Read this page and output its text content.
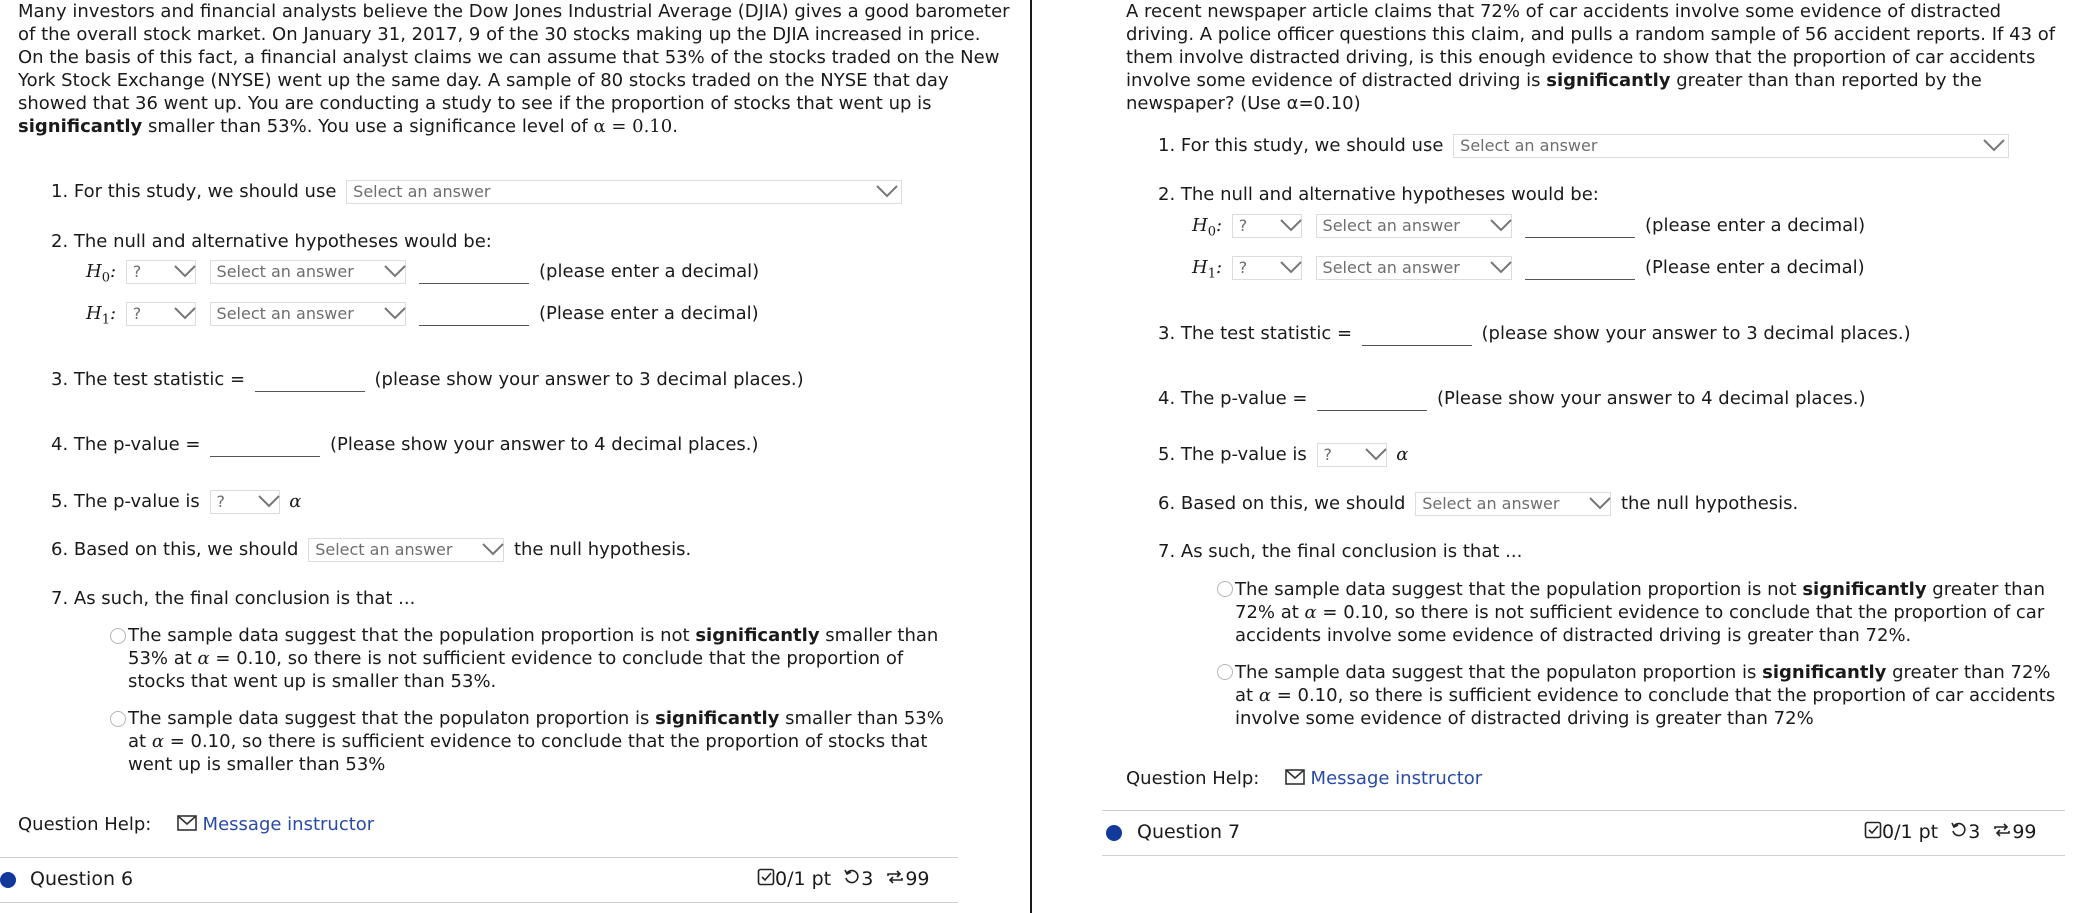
Many investors and financial analysts believe the Dow Jones Industrial Average (DJIA) gives a good barometer of the overall stock market. On January 31, 2017, 9 of the 30 stocks making up the DJIA increased in price.
On the basis of this fact, a financial analyst claims we can assume that 53% of the stocks traded on the New York Stock Exchange (NYSE) went up the same day. A sample of 80 stocks traded on the NYSE that day showed that 36 went up. You are conducting a study to see if the proportion of stocks that went up is significantly smaller than 53%. You use a significance level of α = 0.10.
1. For this study, we should use Select an answer
2. The null and alternative hypotheses would be:
$H_0$: ?	Select an answer	(please enter a decimal)
$H_1$: ?	Select an answer	(Please enter a decimal)
3. The test statistic =	(please show your answer to 3 decimal places.)
4. The p-value =	(Please show your answer to 4 decimal places.)
5. The p-value is ?	α
6. Based on this, we should Select an answer	the null hypothesis.
7. As such, the final conclusion is that ...
The sample data suggest that the population proportion is not significantly smaller than 53% at α = 0.10, so there is not sufficient evidence to conclude that the proportion of stocks that went up is smaller than 53%.
The sample data suggest that the populaton proportion is significantly smaller than 53% at α = 0.10, so there is sufficient evidence to conclude that the proportion of stocks that went up is smaller than 53%
Question Help:	Message instructor
Question 6	0/1 pt 3 99
A recent newspaper article claims that 72% of car accidents involve some evidence of distracted driving. A police officer questions this claim, and pulls a random sample of 56 accident reports. If 43 of them involve distracted driving, is this enough evidence to show that the proportion of car accidents involve some evidence of distracted driving is significantly greater than than reported by the newspaper? (Use α=0.10)
1. For this study, we should use Select an answer
2. The null and alternative hypotheses would be:
$H_0$: ?	Select an answer	(please enter a decimal)
$H_1$: ?	Select an answer	(Please enter a decimal)
3. The test statistic =	(please show your answer to 3 decimal places.)
4. The p-value =	(Please show your answer to 4 decimal places.)
5. The p-value is ?	α
6. Based on this, we should Select an answer	the null hypothesis.
7. As such, the final conclusion is that ...
The sample data suggest that the population proportion is not significantly greater than 72% at α = 0.10, so there is not sufficient evidence to conclude that the proportion of car accidents involve some evidence of distracted driving is greater than 72%.
The sample data suggest that the populaton proportion is significantly greater than 72% at α = 0.10, so there is sufficient evidence to conclude that the proportion of car accidents involve some evidence of distracted driving is greater than 72%
Question Help:	Message instructor
Question 7	0/1 pt 3 99
